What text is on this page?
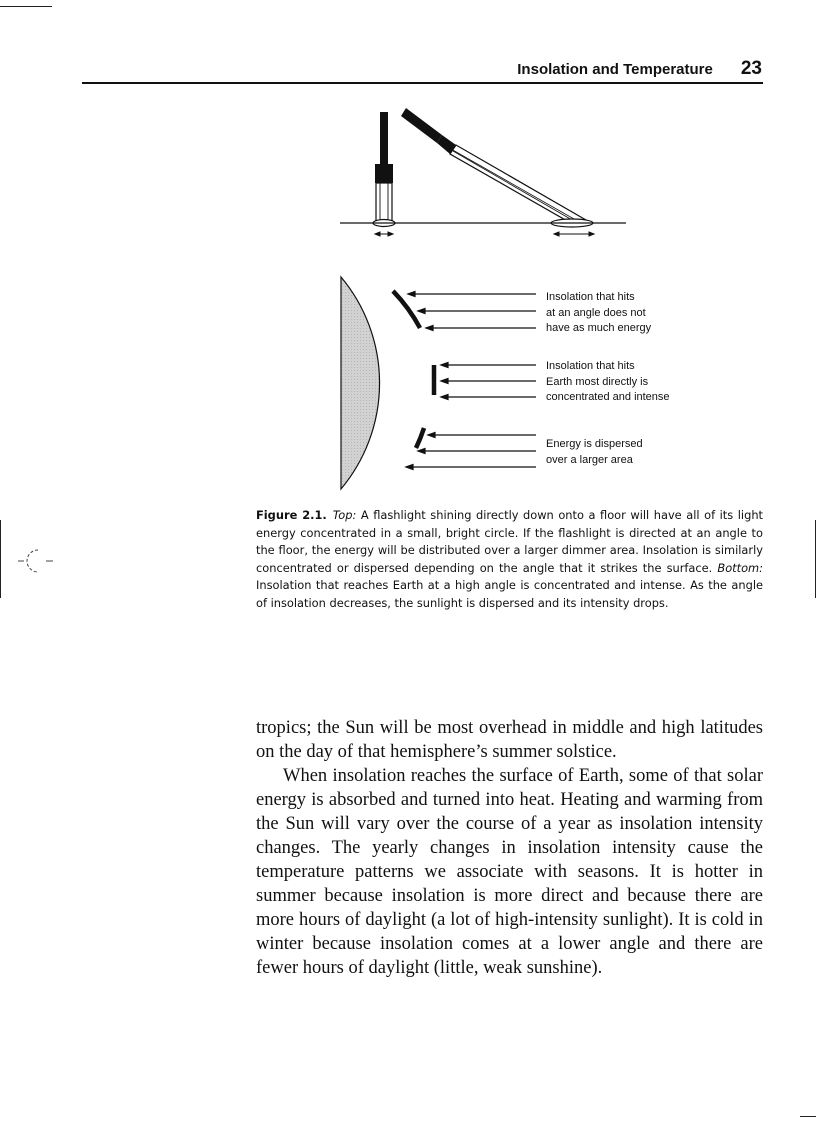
Insolation and Temperature 23
Insolation that hits
at an angle does not
have as much energy
Insolation that hits
Earth most directly is
concentrated and intense
Energy is dispersed
over a larger area
Figure 2.1. Top: A flashlight shining directly down onto a floor will have all of its light energy concentrated in a small, bright circle. If the flashlight is directed at an angle to the floor, the energy will be distributed over a larger dimmer area. Insolation is similarly concentrated or dispersed depending on the angle that it strikes the surface. Bottom: Insolation that reaches Earth at a high angle is concentrated and intense. As the angle of insolation decreases, the sunlight is dispersed and its intensity drops.

tropics; the Sun will be most overhead in middle and high latitudes on the day of that hemisphere’s summer solstice.

When insolation reaches the surface of Earth, some of that solar energy is absorbed and turned into heat. Heating and warming from the Sun will vary over the course of a year as insolation intensity changes. The yearly changes in insolation intensity cause the temperature patterns we associate with seasons. It is hotter in summer because insolation is more direct and because there are more hours of daylight (a lot of high-intensity sunlight). It is cold in winter because insolation comes at a lower angle and there are fewer hours of daylight (little, weak sunshine).
